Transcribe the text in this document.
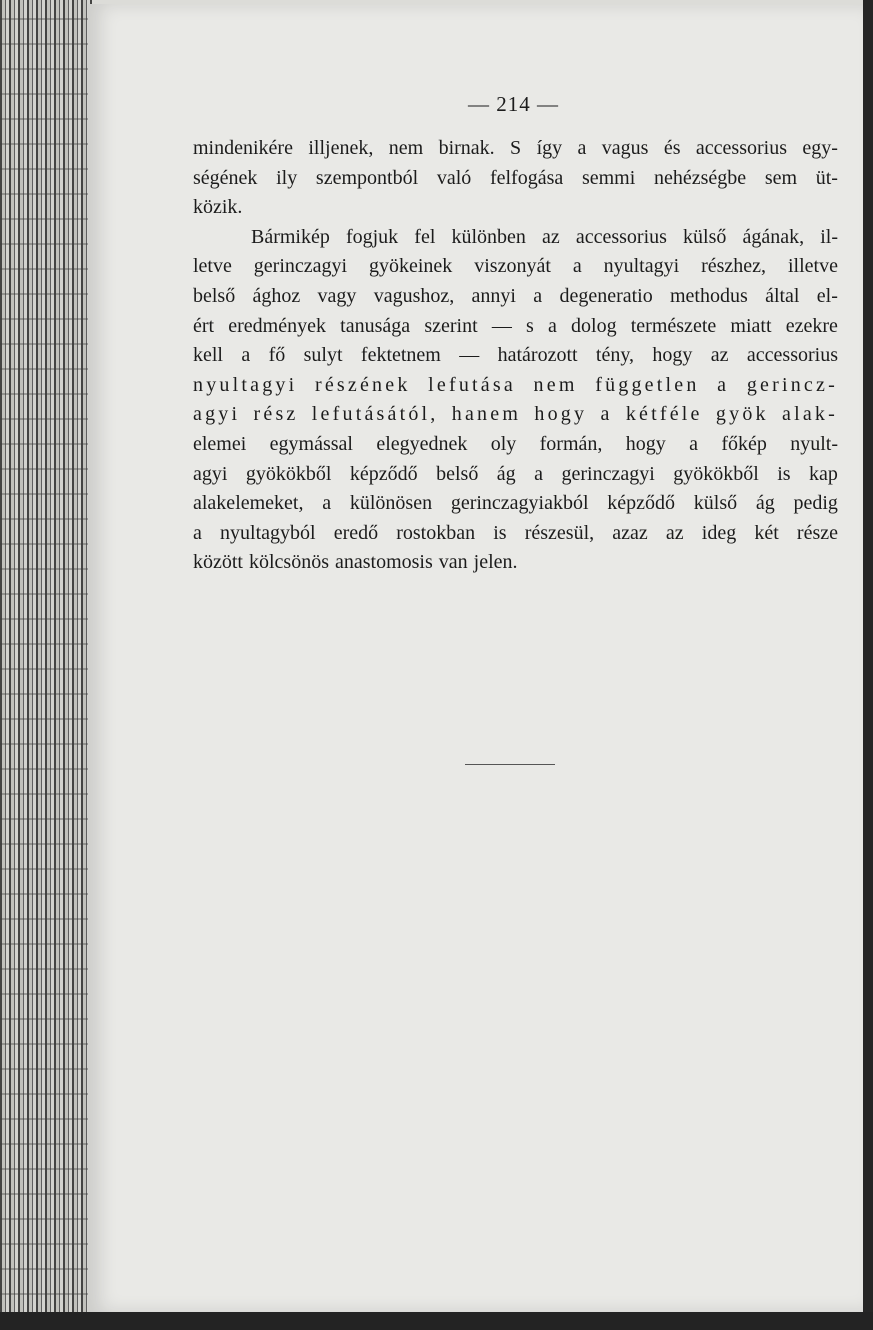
— 214 —
mindenikére illjenek, nem birnak. S így a vagus és accessorius egy-
ségének ily szempontból való felfogása semmi nehézségbe sem üt-
közik.
Bármikép fogjuk fel különben az accessorius külső ágának, il-
letve gerinczagyi gyökeinek viszonyát a nyultagyi részhez, illetve
belső ághoz vagy vagushoz, annyi a degeneratio methodus által el-
ért eredmények tanusága szerint — s a dolog természete miatt ezekre
kell a fő sulyt fektetnem — határozott tény, hogy az accessorius
nyultagyi részének lefutása nem független a gerincz-
agyi rész lefutásától, hanem hogy a kétféle gyök alak-
elemei egymással elegyednek oly formán, hogy a főkép nyult-
agyi gyökökből képződő belső ág a gerinczagyi gyökökből is kap
alakelemeket, a különösen gerinczagyiakból képződő külső ág pedig
a nyultagyból eredő rostokban is részesül, azaz az ideg két része
között kölcsönös anastomosis van jelen.
